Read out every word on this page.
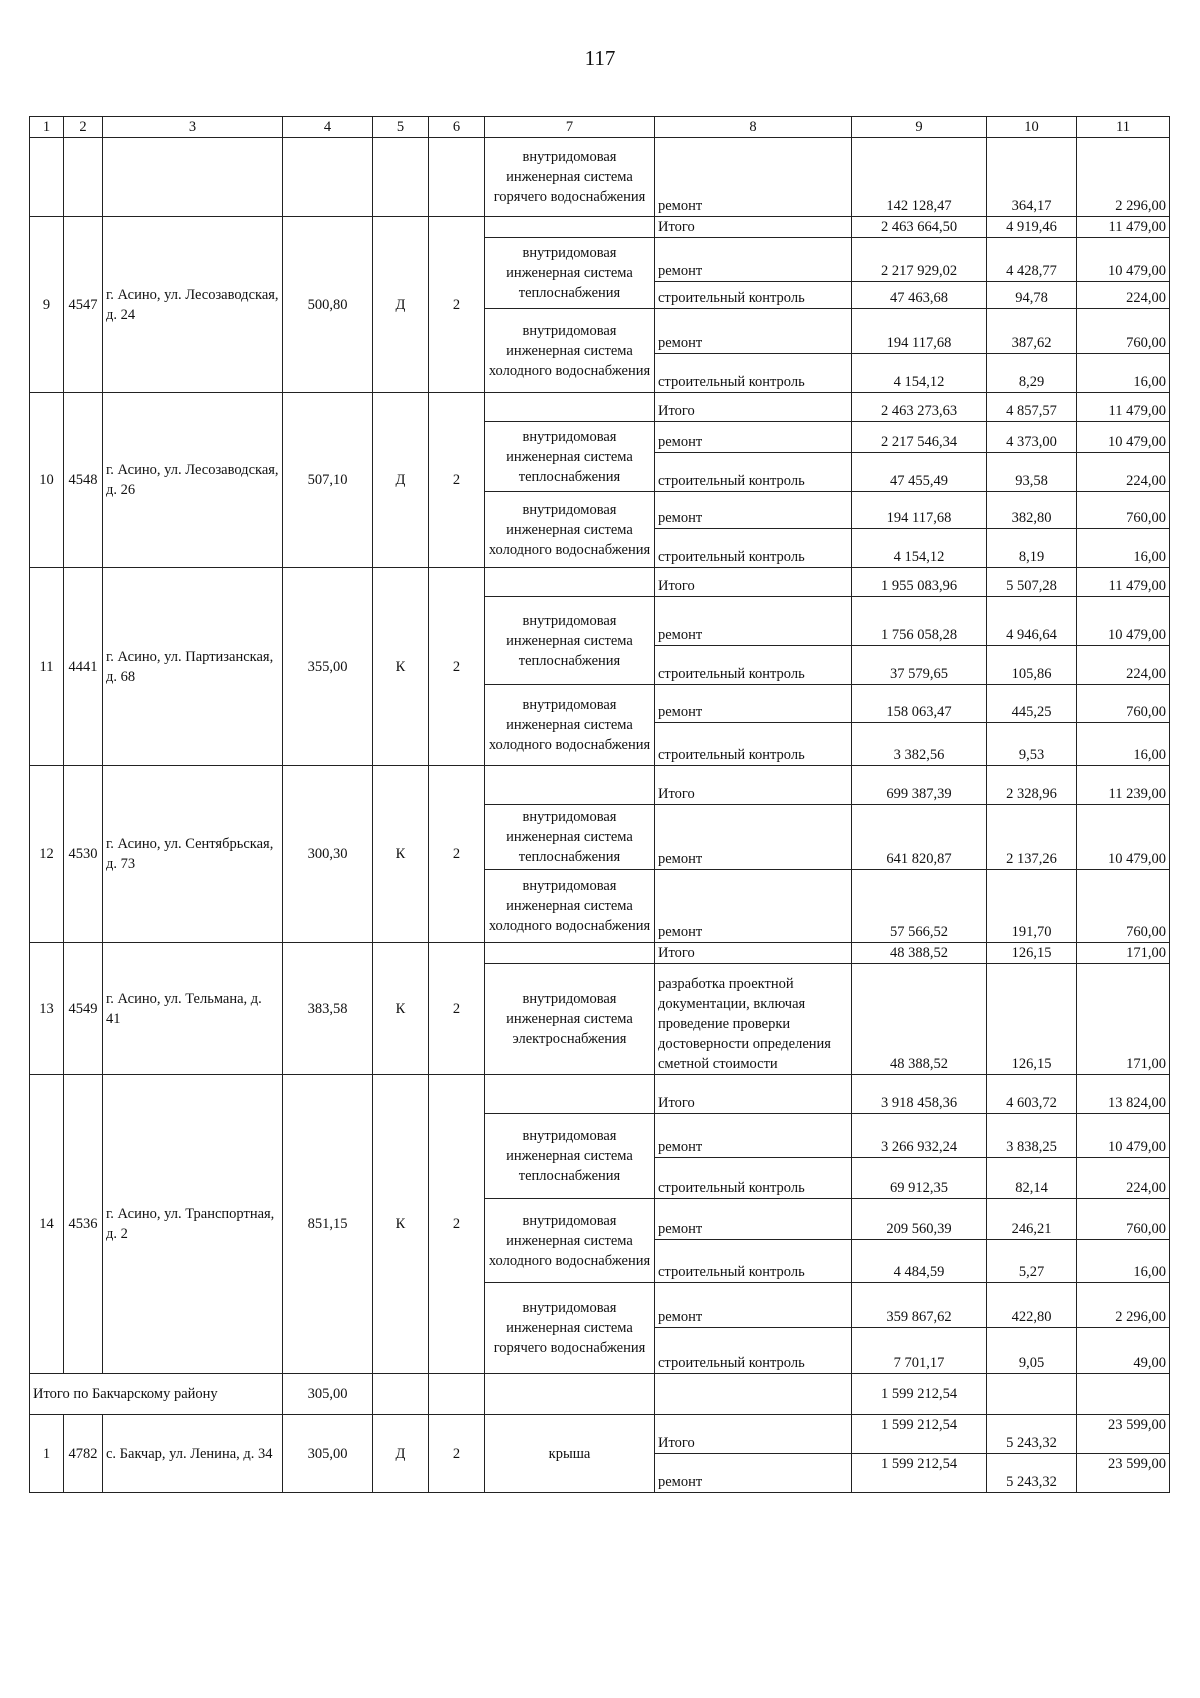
117
1	2	3	4	5	6	7	8	9	10	11
						внутридомовая инженерная система горячего водоснабжения	ремонт	142 128,47	364,17	2 296,00
9	4547	г. Асино, ул. Лесозаводская, д. 24	500,80	Д	2		Итого	2 463 664,50	4 919,46	11 479,00
						внутридомовая инженерная система теплоснабжения	ремонт	2 217 929,02	4 428,77	10 479,00
							строительный контроль	47 463,68	94,78	224,00
						внутридомовая инженерная система холодного водоснабжения	ремонт	194 117,68	387,62	760,00
							строительный контроль	4 154,12	8,29	16,00
10	4548	г. Асино, ул. Лесозаводская, д. 26	507,10	Д	2		Итого	2 463 273,63	4 857,57	11 479,00
						внутридомовая инженерная система теплоснабжения	ремонт	2 217 546,34	4 373,00	10 479,00
							строительный контроль	47 455,49	93,58	224,00
						внутридомовая инженерная система холодного водоснабжения	ремонт	194 117,68	382,80	760,00
							строительный контроль	4 154,12	8,19	16,00
11	4441	г. Асино, ул. Партизанская, д. 68	355,00	К	2		Итого	1 955 083,96	5 507,28	11 479,00
						внутридомовая инженерная система теплоснабжения	ремонт	1 756 058,28	4 946,64	10 479,00
							строительный контроль	37 579,65	105,86	224,00
						внутридомовая инженерная система холодного водоснабжения	ремонт	158 063,47	445,25	760,00
							строительный контроль	3 382,56	9,53	16,00
12	4530	г. Асино, ул. Сентябрьская, д. 73	300,30	К	2		Итого	699 387,39	2 328,96	11 239,00
						внутридомовая инженерная система теплоснабжения	ремонт	641 820,87	2 137,26	10 479,00
						внутридомовая инженерная система холодного водоснабжения	ремонт	57 566,52	191,70	760,00
13	4549	г. Асино, ул. Тельмана, д. 41	383,58	К	2		Итого	48 388,52	126,15	171,00
						внутридомовая инженерная система электроснабжения	разработка проектной документации, включая проведение проверки достоверности определения сметной стоимости	48 388,52	126,15	171,00
14	4536	г. Асино, ул. Транспортная, д. 2	851,15	К	2		Итого	3 918 458,36	4 603,72	13 824,00
						внутридомовая инженерная система теплоснабжения	ремонт	3 266 932,24	3 838,25	10 479,00
							строительный контроль	69 912,35	82,14	224,00
						внутридомовая инженерная система холодного водоснабжения	ремонт	209 560,39	246,21	760,00
							строительный контроль	4 484,59	5,27	16,00
						внутридомовая инженерная система горячего водоснабжения	ремонт	359 867,62	422,80	2 296,00
							строительный контроль	7 701,17	9,05	49,00
Итого по Бакчарскому району			305,00					1 599 212,54		
1	4782	с. Бакчар, ул. Ленина, д. 34	305,00	Д	2	крыша	Итого	1 599 212,54	5 243,32	23 599,00
							ремонт	1 599 212,54	5 243,32	23 599,00
